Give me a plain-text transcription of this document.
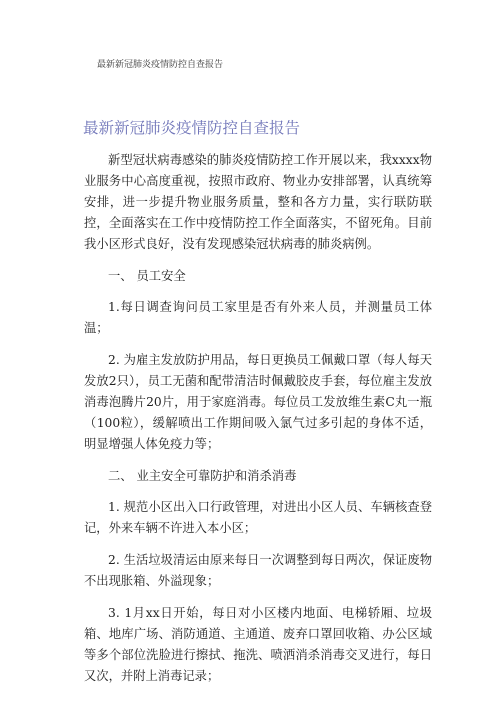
最新新冠肺炎疫情防控自查报告
最新新冠肺炎疫情防控自查报告

新型冠状病毒感染的肺炎疫情防控工作开展以来，我xxxx物业服务中心高度重视，按照市政府、物业办安排部署，认真统筹安排，进一步提升物业服务质量，整和各方力量，实行联防联控，全面落实在工作中疫情防控工作全面落实，不留死角。目前我小区形式良好，没有发现感染冠状病毒的肺炎病例。

一、 员工安全

1.每日调查询问员工家里是否有外来人员，并测量员工体温；

2. 为雇主发放防护用品，每日更换员工佩戴口罩（每人每天发放2只），员工无菌和配带清洁时佩戴胶皮手套，每位雇主发放消毒泡腾片20片，用于家庭消毒。每位员工发放维生素C丸一瓶（100粒），缓解喷出工作期间吸入氯气过多引起的身体不适，明显增强人体免疫力等；

二、 业主安全可靠防护和消杀消毒

1. 规范小区出入口行政管理，对进出小区人员、车辆核查登记，外来车辆不许进入本小区；

2. 生活垃圾清运由原来每日一次调整到每日两次，保证废物不出现胀箱、外溢现象；

3. 1月xx日开始，每日对小区楼内地面、电梯轿厢、垃圾箱、地库广场、消防通道、主通道、废弃口罩回收箱、办公区域等多个部位洗脸进行擦拭、拖洗、喷洒消杀消毒交叉进行，每日又次，并附上消毒记录；
